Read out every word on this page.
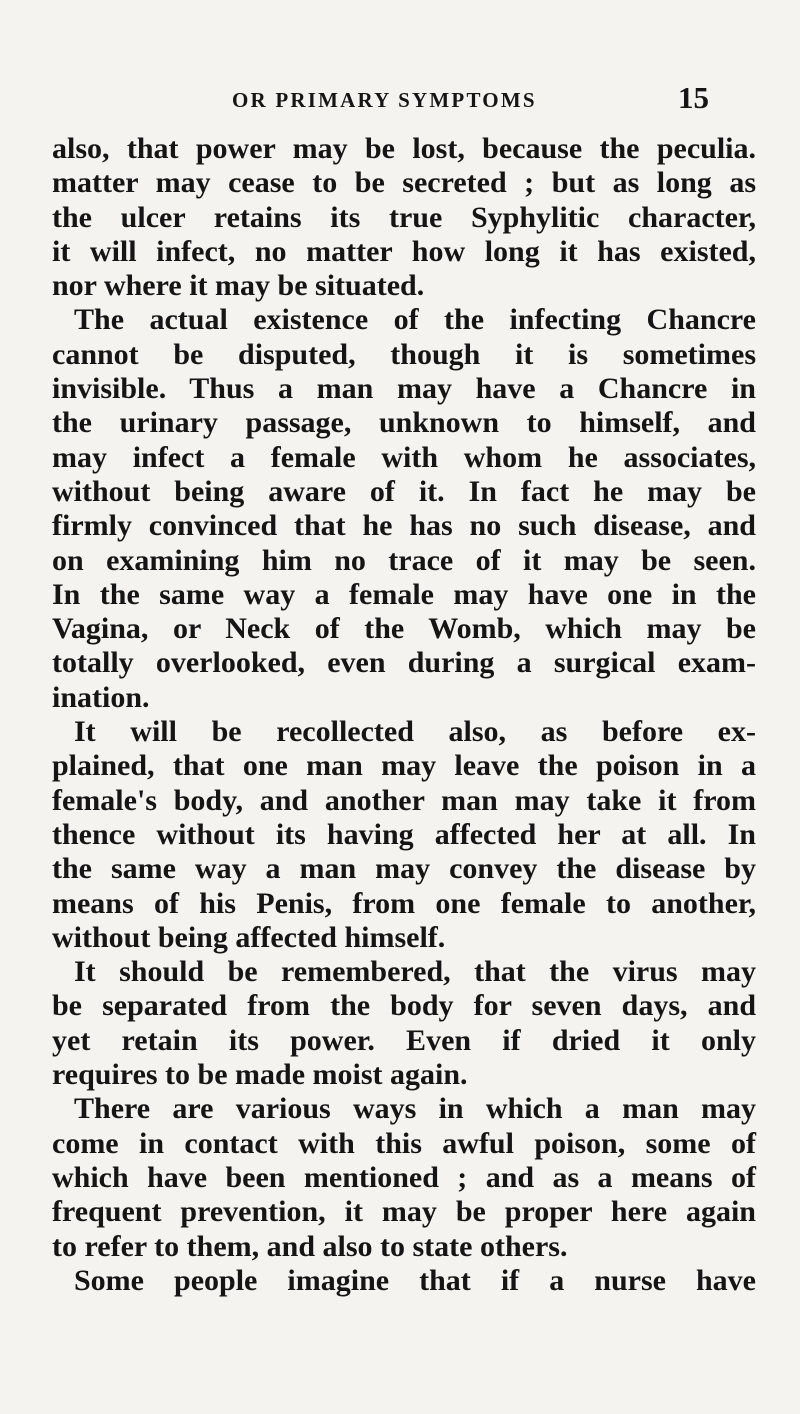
OR PRIMARY SYMPTOMS	15
also, that power may be lost, because the peculia.
matter may cease to be secreted ; but as long as
the ulcer retains its true Syphylitic character,
it will infect, no matter how long it has existed,
nor where it may be situated.
The actual existence of the infecting Chancre
cannot be disputed, though it is sometimes
invisible. Thus a man may have a Chancre in
the urinary passage, unknown to himself, and
may infect a female with whom he associates,
without being aware of it. In fact he may be
firmly convinced that he has no such disease, and
on examining him no trace of it may be seen.
In the same way a female may have one in the
Vagina, or Neck of the Womb, which may be
totally overlooked, even during a surgical exam-
ination.
It will be recollected also, as before ex-
plained, that one man may leave the poison in a
female's body, and another man may take it from
thence without its having affected her at all. In
the same way a man may convey the disease by
means of his Penis, from one female to another,
without being affected himself.
It should be remembered, that the virus may
be separated from the body for seven days, and
yet retain its power. Even if dried it only
requires to be made moist again.
There are various ways in which a man may
come in contact with this awful poison, some of
which have been mentioned ; and as a means of
frequent prevention, it may be proper here again
to refer to them, and also to state others.
Some people imagine that if a nurse have
